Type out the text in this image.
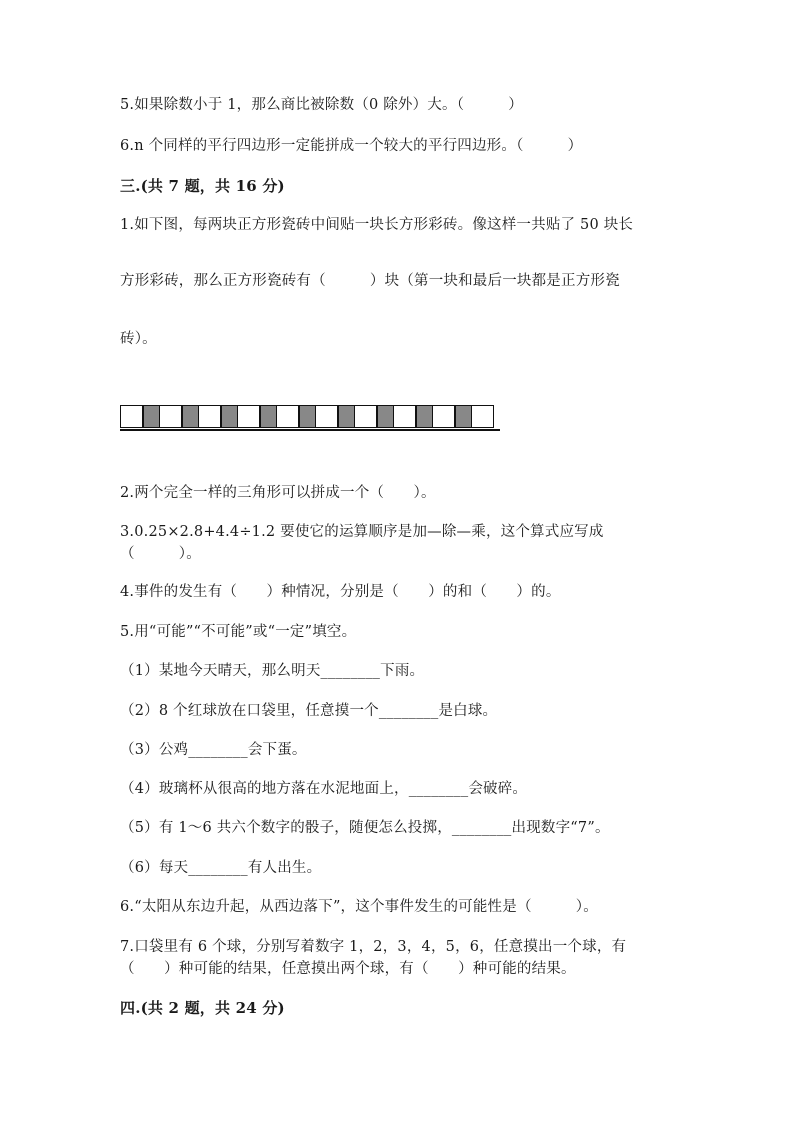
5.如果除数小于 1，那么商比被除数（0 除外）大。（　　　）
6.n 个同样的平行四边形一定能拼成一个较大的平行四边形。（　　　）
三.(共 7 题，共 16 分)
1.如下图，每两块正方形瓷砖中间贴一块长方形彩砖。像这样一共贴了 50 块长
方形彩砖，那么正方形瓷砖有（　　　）块（第一块和最后一块都是正方形瓷
砖）。
2.两个完全一样的三角形可以拼成一个（　　）。
3.0.25×2.8+4.4÷1.2 要使它的运算顺序是加—除—乘，这个算式应写成
（　　　）。
4.事件的发生有（　　）种情况，分别是（　　）的和（　　）的。
5.用“可能”“不可能”或“一定”填空。
（1）某地今天晴天，那么明天________下雨。
（2）8 个红球放在口袋里，任意摸一个________是白球。
（3）公鸡________会下蛋。
（4）玻璃杯从很高的地方落在水泥地面上，________会破碎。
（5）有 1～6 共六个数字的骰子，随便怎么投掷，________出现数字“7”。
（6）每天________有人出生。
6.“太阳从东边升起，从西边落下”，这个事件发生的可能性是（　　　）。
7.口袋里有 6 个球，分别写着数字 1，2，3，4，5，6，任意摸出一个球，有
（　　）种可能的结果，任意摸出两个球，有（　　）种可能的结果。
四.(共 2 题，共 24 分)
